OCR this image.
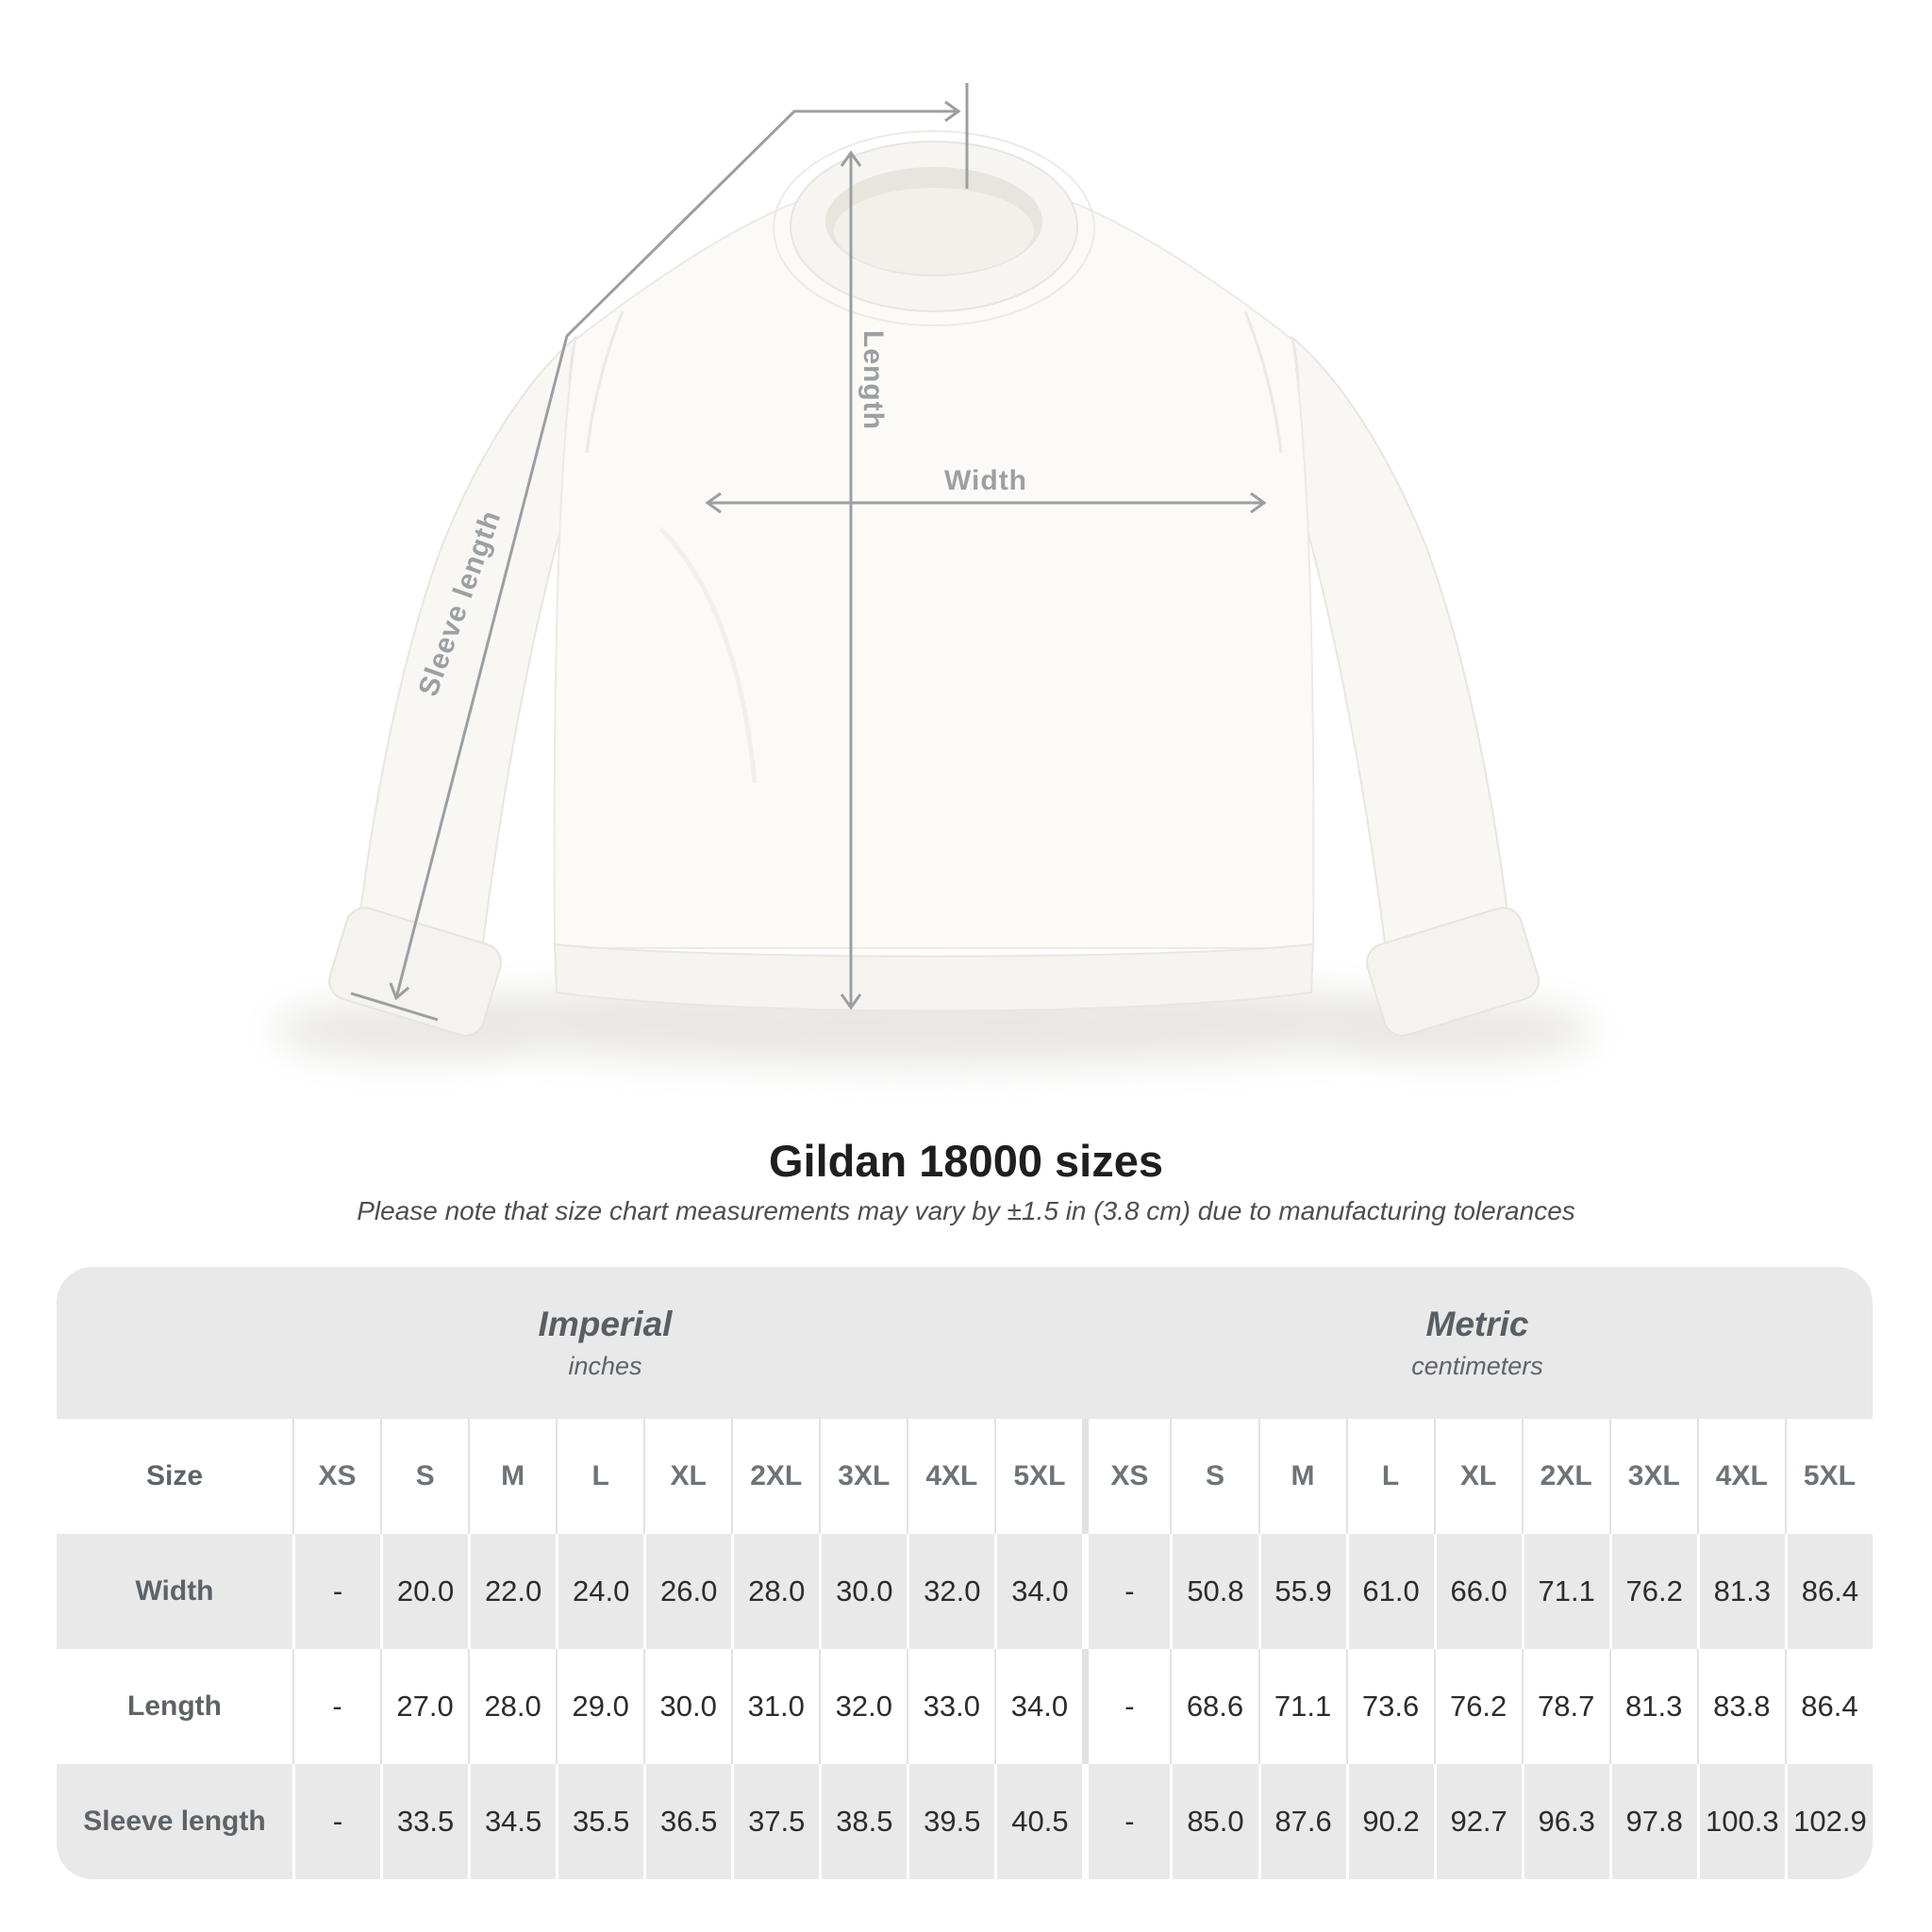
Length
Width
Sleeve length
Gildan 18000 sizes
Please note that size chart measurements may vary by ±1.5 in (3.8 cm) due to manufacturing tolerances
Imperial
inches
Metric
centimeters
Size	XS	S	M	L	XL	2XL	3XL	4XL	5XL	XS	S	M	L	XL	2XL	3XL	4XL	5XL
Width	-	20.0	22.0	24.0	26.0	28.0	30.0	32.0	34.0	-	50.8	55.9	61.0	66.0	71.1	76.2	81.3	86.4
Length	-	27.0	28.0	29.0	30.0	31.0	32.0	33.0	34.0	-	68.6	71.1	73.6	76.2	78.7	81.3	83.8	86.4
Sleeve length	-	33.5	34.5	35.5	36.5	37.5	38.5	39.5	40.5	-	85.0	87.6	90.2	92.7	96.3	97.8	100.3	102.9
